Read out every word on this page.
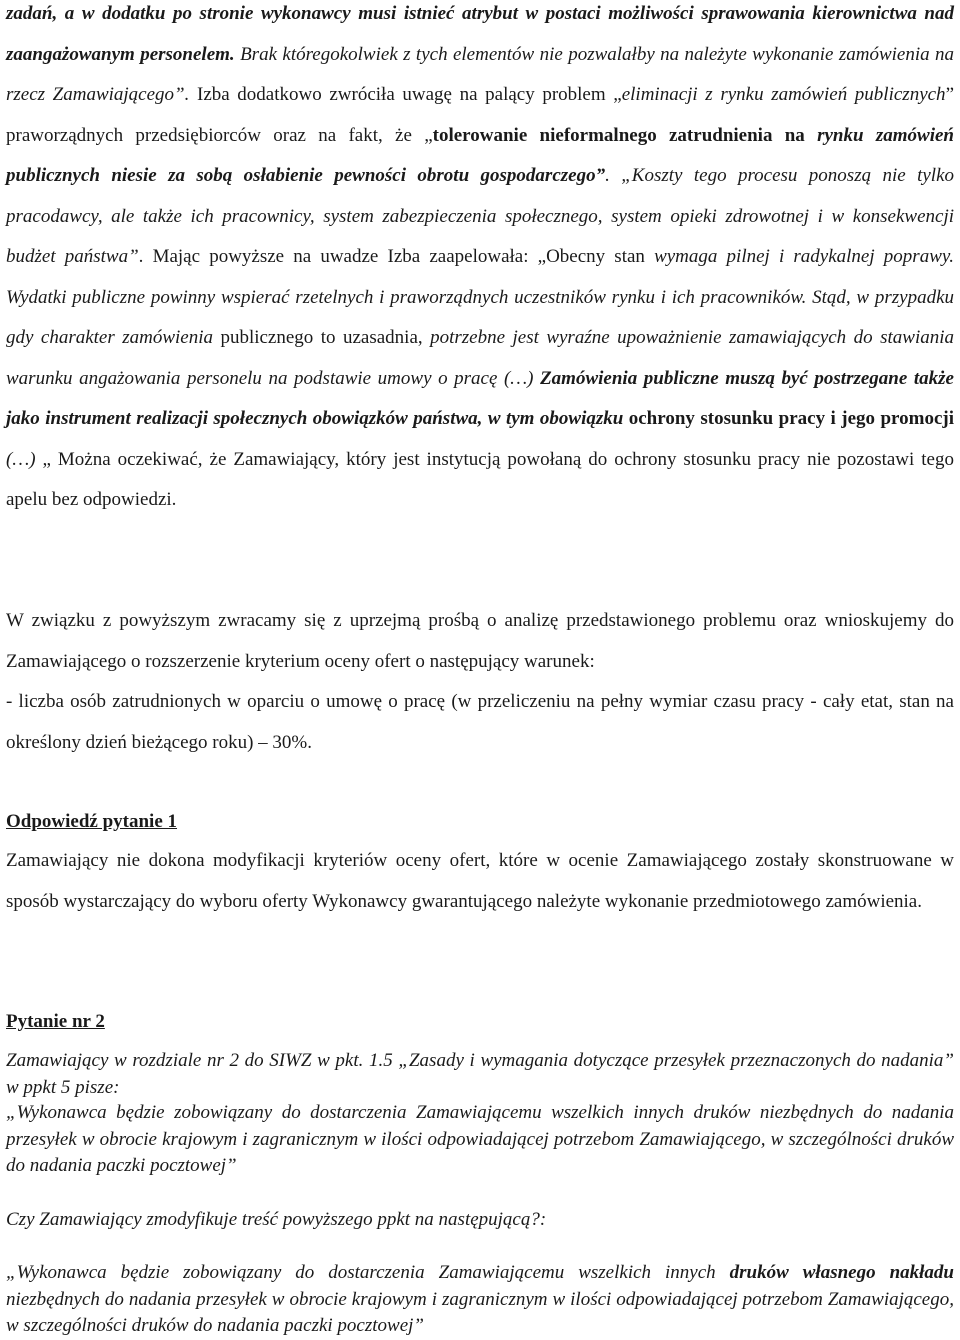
zadań, a w dodatku po stronie wykonawcy musi istnieć atrybut w postaci możliwości sprawowania kierownictwa nad zaangażowanym personelem. Brak któregokolwiek z tych elementów nie pozwalałby na należyte wykonanie zamówienia na rzecz Zamawiającego”. Izba dodatkowo zwróciła uwagę na palący problem „eliminacji z rynku zamówień publicznych” praworządnych przedsiębiorców oraz na fakt, że „tolerowanie nieformalnego zatrudnienia na rynku zamówień publicznych niesie za sobą osłabienie pewności obrotu gospodarczego”. „Koszty tego procesu ponoszą nie tylko pracodawcy, ale także ich pracownicy, system zabezpieczenia społecznego, system opieki zdrowotnej i w konsekwencji budżet państwa”. Mając powyższe na uwadze Izba zaapelowała: „Obecny stan wymaga pilnej i radykalnej poprawy. Wydatki publiczne powinny wspierać rzetelnych i praworządnych uczestników rynku i ich pracowników. Stąd, w przypadku gdy charakter zamówienia publicznego to uzasadnia, potrzebne jest wyraźne upoważnienie zamawiających do stawiania warunku angażowania personelu na podstawie umowy o pracę (…) Zamówienia publiczne muszą być postrzegane także jako instrument realizacji społecznych obowiązków państwa, w tym obowiązku ochrony stosunku pracy i jego promocji (…) „ Można oczekiwać, że Zamawiający, który jest instytucją powołaną do ochrony stosunku pracy nie pozostawi tego apelu bez odpowiedzi.

W związku z powyższym zwracamy się z uprzejmą prośbą o analizę przedstawionego problemu oraz wnioskujemy do Zamawiającego o rozszerzenie kryterium oceny ofert o następujący warunek:

- liczba osób zatrudnionych w oparciu o umowę o pracę (w przeliczeniu na pełny wymiar czasu pracy - cały etat, stan na określony dzień bieżącego roku) – 30%.

Odpowiedź pytanie 1

Zamawiający nie dokona modyfikacji kryteriów oceny ofert, które w ocenie Zamawiającego zostały skonstruowane w sposób wystarczający do wyboru oferty Wykonawcy gwarantującego należyte wykonanie przedmiotowego zamówienia.

Pytanie nr 2

Zamawiający w rozdziale nr 2 do SIWZ w pkt. 1.5 „Zasady i wymagania dotyczące przesyłek przeznaczonych do nadania” w ppkt 5 pisze:

„Wykonawca będzie zobowiązany do dostarczenia Zamawiającemu wszelkich innych druków niezbędnych do nadania przesyłek w obrocie krajowym i zagranicznym w ilości odpowiadającej potrzebom Zamawiającego, w szczególności druków do nadania paczki pocztowej”

Czy Zamawiający zmodyfikuje treść powyższego ppkt na następującą?:

„Wykonawca będzie zobowiązany do dostarczenia Zamawiającemu wszelkich innych druków własnego nakładu niezbędnych do nadania przesyłek w obrocie krajowym i zagranicznym w ilości odpowiadającej potrzebom Zamawiającego, w szczególności druków do nadania paczki pocztowej”
